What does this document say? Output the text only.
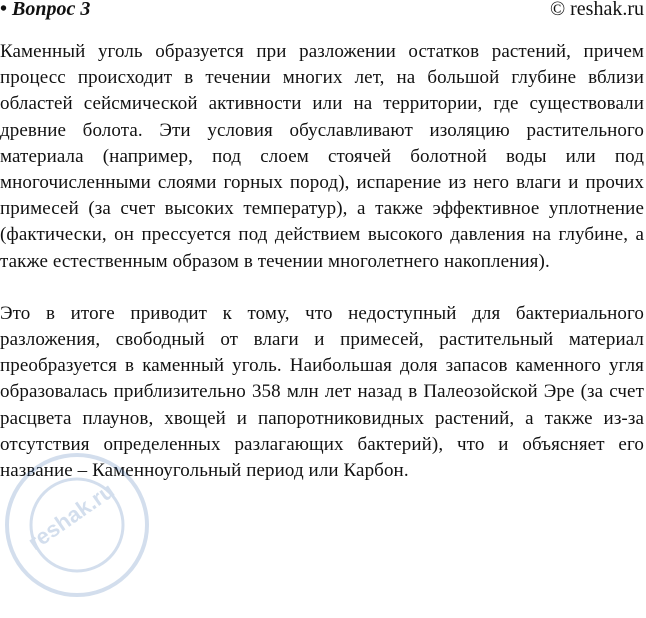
• Вопрос 3	© reshak.ru

Каменный уголь образуется при разложении остатков растений, причем процесс происходит в течении многих лет, на большой глубине вблизи областей сейсмической активности или на территории, где существовали древние болота. Эти условия обуславливают изоляцию растительного материала (например, под слоем стоячей болотной воды или под многочисленными слоями горных пород), испарение из него влаги и прочих примесей (за счет высоких температур), а также эффективное уплотнение (фактически, он прессуется под действием высокого давления на глубине, а также естественным образом в течении многолетнего накопления).

Это в итоге приводит к тому, что недоступный для бактериального разложения, свободный от влаги и примесей, растительный материал преобразуется в каменный уголь. Наибольшая доля запасов каменного угля образовалась приблизительно 358 млн лет назад в Палеозойской Эре (за счет расцвета плаунов, хвощей и папоротниковидных растений, а также из-за отсутствия определенных разлагающих бактерий), что и объясняет его название – Каменноугольный период или Карбон.

reshak.ru
